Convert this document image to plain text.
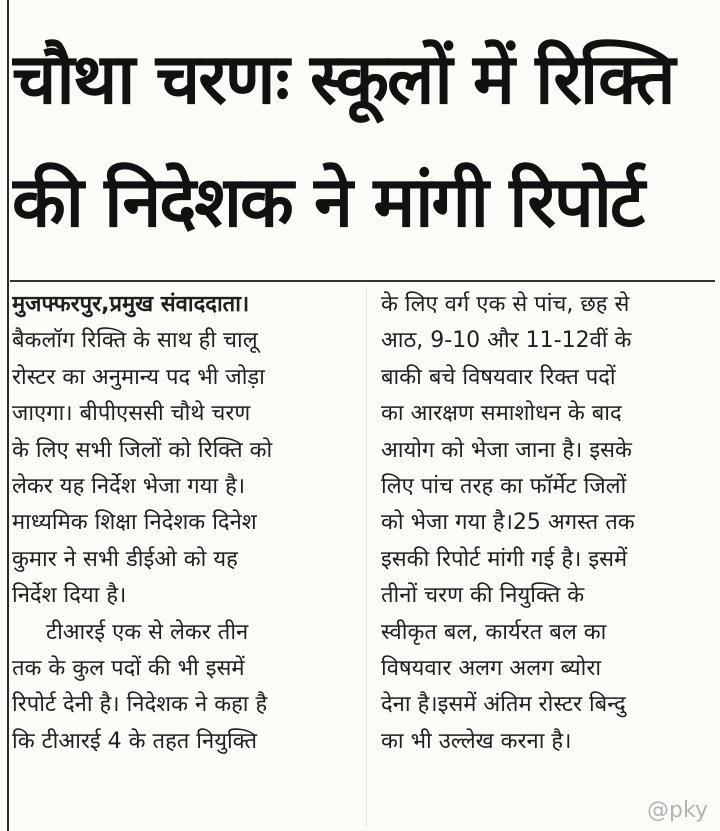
चौथा चरणः स्कूलों में रिक्ति
की निदेशक ने मांगी रिपोर्ट
मुजफ्फरपुर,प्रमुख संवाददाता।
बैकलॉग रिक्ति के साथ ही चालू
रोस्टर का अनुमान्य पद भी जोड़ा
जाएगा। बीपीएससी चौथे चरण
के लिए सभी जिलों को रिक्ति को
लेकर यह निर्देश भेजा गया है।
माध्यमिक शिक्षा निदेशक दिनेश
कुमार ने सभी डीईओ को यह
निर्देश दिया है।
टीआरई एक से लेकर तीन
तक के कुल पदों की भी इसमें
रिपोर्ट देनी है। निदेशक ने कहा है
कि टीआरई 4 के तहत नियुक्ति
के लिए वर्ग एक से पांच, छह से
आठ, 9-10 और 11-12वीं के
बाकी बचे विषयवार रिक्त पदों
का आरक्षण समाशोधन के बाद
आयोग को भेजा जाना है। इसके
लिए पांच तरह का फॉर्मेट जिलों
को भेजा गया है।25 अगस्त तक
इसकी रिपोर्ट मांगी गई है। इसमें
तीनों चरण की नियुक्ति के
स्वीकृत बल, कार्यरत बल का
विषयवार अलग अलग ब्योरा
देना है।इसमें अंतिम रोस्टर बिन्दु
का भी उल्लेख करना है।
@pky
